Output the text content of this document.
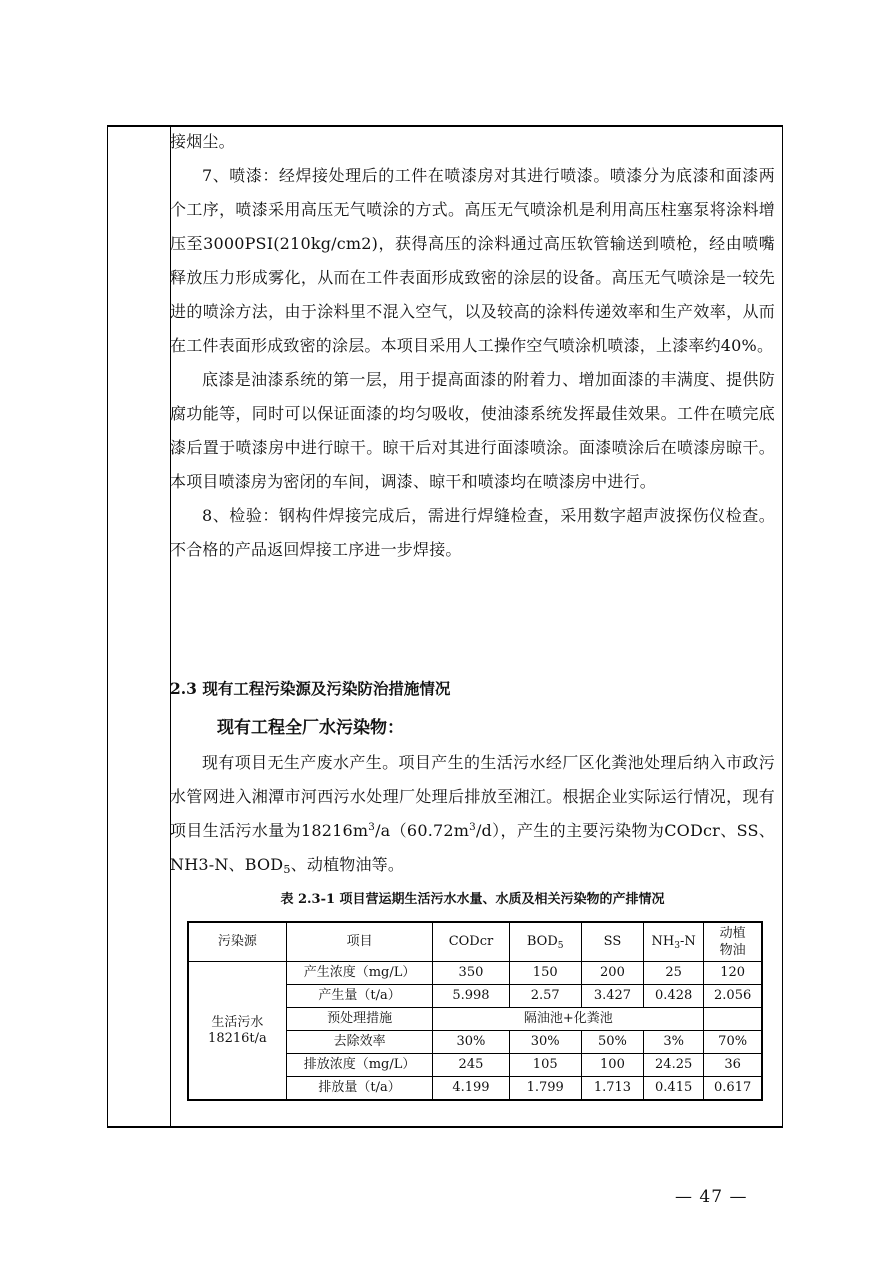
接烟尘。

7、喷漆：经焊接处理后的工件在喷漆房对其进行喷漆。喷漆分为底漆和面漆两个工序，喷漆采用高压无气喷涂的方式。高压无气喷涂机是利用高压柱塞泵将涂料增压至3000PSI(210kg/cm2)，获得高压的涂料通过高压软管输送到喷枪，经由喷嘴释放压力形成雾化，从而在工件表面形成致密的涂层的设备。高压无气喷涂是一较先进的喷涂方法，由于涂料里不混入空气，以及较高的涂料传递效率和生产效率，从而在工件表面形成致密的涂层。本项目采用人工操作空气喷涂机喷漆，上漆率约40%。

底漆是油漆系统的第一层，用于提高面漆的附着力、增加面漆的丰满度、提供防腐功能等，同时可以保证面漆的均匀吸收，使油漆系统发挥最佳效果。工件在喷完底漆后置于喷漆房中进行晾干。晾干后对其进行面漆喷涂。面漆喷涂后在喷漆房晾干。本项目喷漆房为密闭的车间，调漆、晾干和喷漆均在喷漆房中进行。

8、检验：钢构件焊接完成后，需进行焊缝检查，采用数字超声波探伤仪检查。不合格的产品返回焊接工序进一步焊接。

2.3 现有工程污染源及污染防治措施情况
现有工程全厂水污染物：

现有项目无生产废水产生。项目产生的生活污水经厂区化粪池处理后纳入市政污水管网进入湘潭市河西污水处理厂处理后排放至湘江。根据企业实际运行情况，现有项目生活污水量为$18216m^3/a(60.72m^3/d)$，产生的主要污染物为CODcr、SS、NH3-N、$BOD_5$、动植物油等。

表 2.3-1 项目营运期生活污水水量、水质及相关污染物的产排情况
污染源	项目	CODcr	$BOD_5$	SS	$NH_3-N$	动植物油

生活污水
18216t/a	产生浓度（mg/L）	350	150	200	25	120
	产生量（t/a）	5.998	2.57	3.427	0.428	2.056
	预处理措施	隔油池+化粪池				
	去除效率	30%	30%	50%	3%	70%
	排放浓度（mg/L）	245	105	100	24.25	36
	排放量（t/a）	4.199	1.799	1.713	0.415	0.617
— 47 —
